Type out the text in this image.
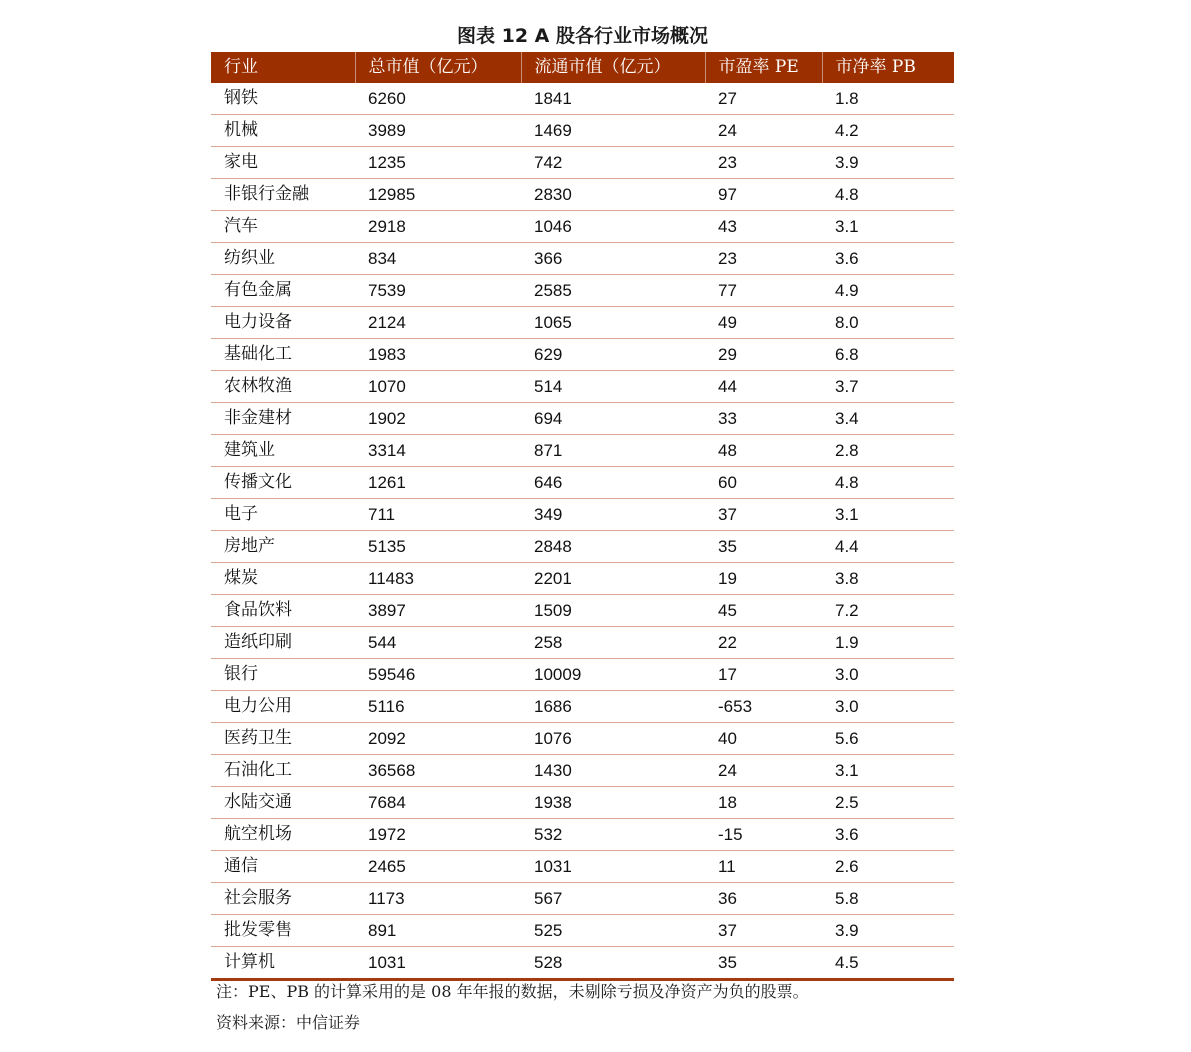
图表 12 A 股各行业市场概况
行业	总市值（亿元）	流通市值（亿元）	市盈率 PE	市净率 PB
钢铁	6260	1841	27	1.8
机械	3989	1469	24	4.2
家电	1235	742	23	3.9
非银行金融	12985	2830	97	4.8
汽车	2918	1046	43	3.1
纺织业	834	366	23	3.6
有色金属	7539	2585	77	4.9
电力设备	2124	1065	49	8.0
基础化工	1983	629	29	6.8
农林牧渔	1070	514	44	3.7
非金建材	1902	694	33	3.4
建筑业	3314	871	48	2.8
传播文化	1261	646	60	4.8
电子	711	349	37	3.1
房地产	5135	2848	35	4.4
煤炭	11483	2201	19	3.8
食品饮料	3897	1509	45	7.2
造纸印刷	544	258	22	1.9
银行	59546	10009	17	3.0
电力公用	5116	1686	-653	3.0
医药卫生	2092	1076	40	5.6
石油化工	36568	1430	24	3.1
水陆交通	7684	1938	18	2.5
航空机场	1972	532	-15	3.6
通信	2465	1031	11	2.6
社会服务	1173	567	36	5.8
批发零售	891	525	37	3.9
计算机	1031	528	35	4.5
注：PE、PB 的计算采用的是 08 年年报的数据，未剔除亏损及净资产为负的股票。
资料来源：中信证券
